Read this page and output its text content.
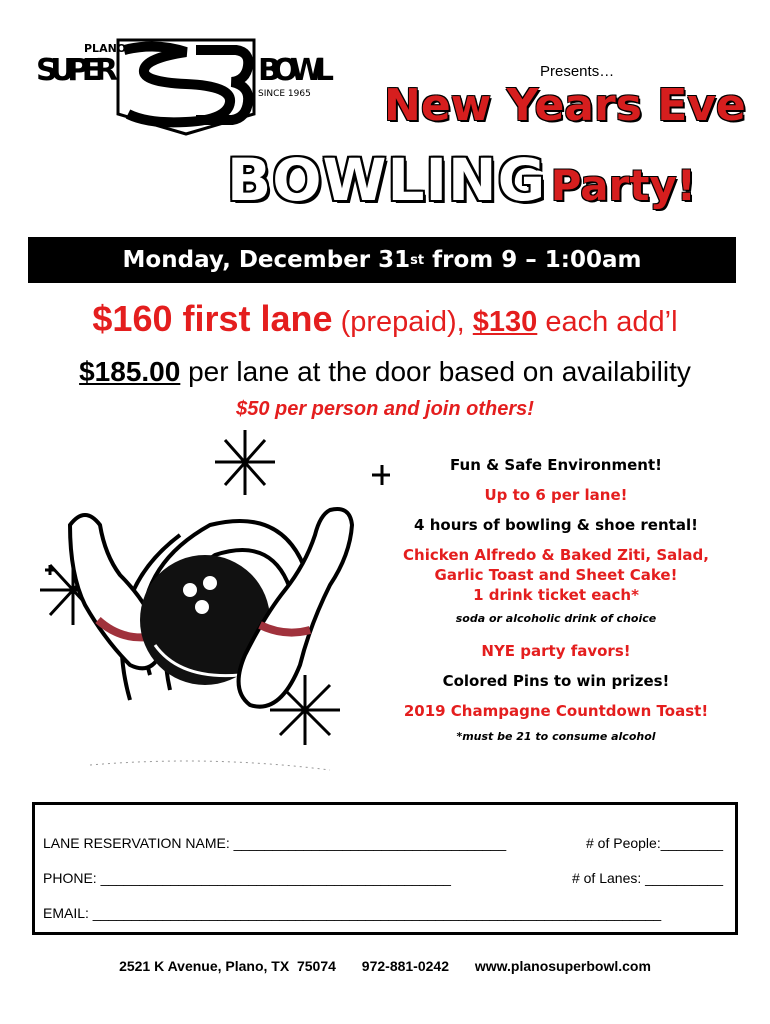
PLANO
SUPER	BOWL
SINCE 1965
Presents…
New Years Eve
BOWLING Party!
Monday, December 31 st from 9 – 1:00am
$160 first lane (prepaid), $130 each add’l
$185.00 per lane at the door based on availability
$50 per person and join others!
Fun & Safe Environment!
Up to 6 per lane!
4 hours of bowling & shoe rental!
Chicken Alfredo & Baked Ziti, Salad,
Garlic Toast and Sheet Cake!
1 drink ticket each*
soda or alcoholic drink of choice
NYE party favors!
Colored Pins to win prizes!
2019 Champagne Countdown Toast!
*must be 21 to consume alcohol
LANE RESERVATION NAME: ___________________________________	# of People:________
PHONE: _____________________________________________	# of Lanes: __________
EMAIL: _________________________________________________________________________
2521 K Avenue, Plano, TX  75074 972-881-0242 www.planosuperbowl.com
